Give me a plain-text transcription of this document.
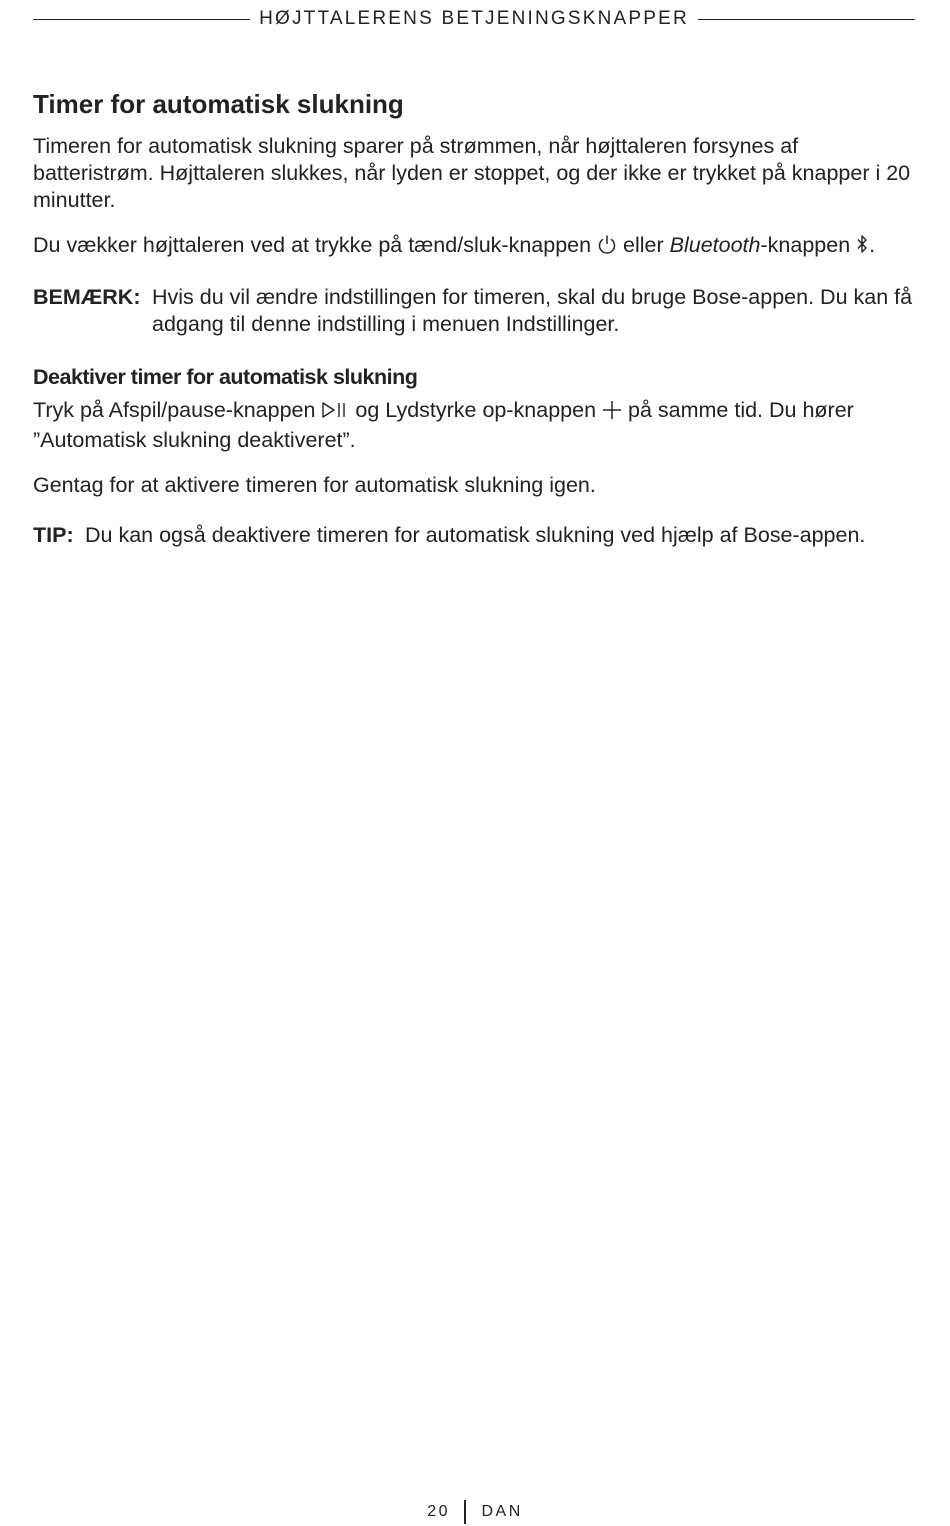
HØJTTALERENS BETJENINGSKNAPPER
Timer for automatisk slukning

Timeren for automatisk slukning sparer på strømmen, når højttaleren forsynes af batteristrøm. Højttaleren slukkes, når lyden er stoppet, og der ikke er trykket på knapper i 20 minutter.

Du vækker højttaleren ved at trykke på tænd/sluk-knappen  eller Bluetooth-knappen .

BEMÆRK: Hvis du vil ændre indstillingen for timeren, skal du bruge Bose-appen. Du kan få adgang til denne indstilling i menuen Indstillinger.
Deaktiver timer for automatisk slukning

Tryk på Afspil/pause-knappen  og Lydstyrke op-knappen  på samme tid. Du hører ”Automatisk slukning deaktiveret”.

Gentag for at aktivere timeren for automatisk slukning igen.

TIP: Du kan også deaktivere timeren for automatisk slukning ved hjælp af Bose-appen.
20 DAN
